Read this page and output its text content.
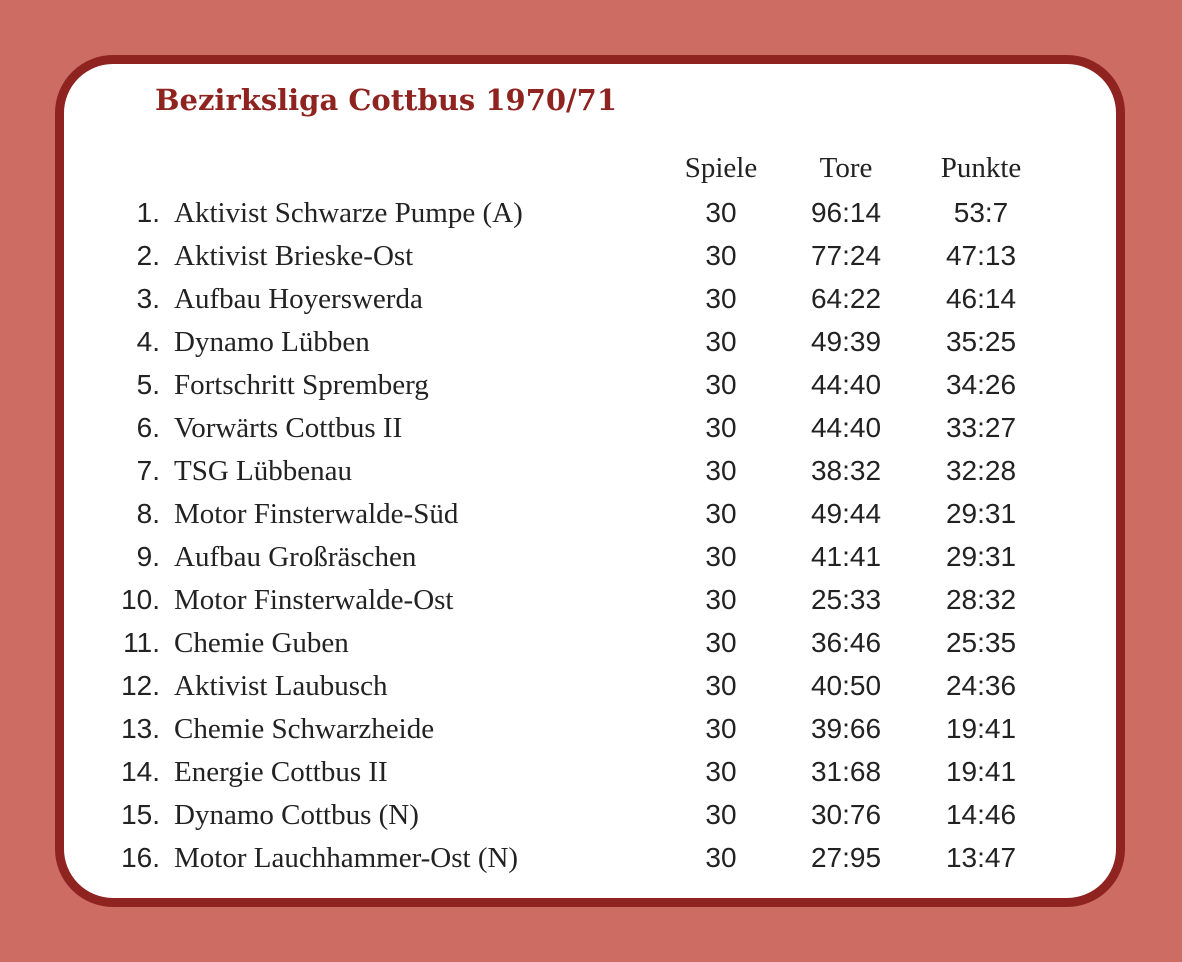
Bezirksliga Cottbus 1970/71
Spiele	Tore	Punkte
1. Aktivist Schwarze Pumpe (A)	30	96:14	53:7
2. Aktivist Brieske-Ost	30	77:24	47:13
3. Aufbau Hoyerswerda	30	64:22	46:14
4. Dynamo Lübben	30	49:39	35:25
5. Fortschritt Spremberg	30	44:40	34:26
6. Vorwärts Cottbus II	30	44:40	33:27
7. TSG Lübbenau	30	38:32	32:28
8. Motor Finsterwalde-Süd	30	49:44	29:31
9. Aufbau Großräschen	30	41:41	29:31
10. Motor Finsterwalde-Ost	30	25:33	28:32
11. Chemie Guben	30	36:46	25:35
12. Aktivist Laubusch	30	40:50	24:36
13. Chemie Schwarzheide	30	39:66	19:41
14. Energie Cottbus II	30	31:68	19:41
15. Dynamo Cottbus (N)	30	30:76	14:46
16. Motor Lauchhammer-Ost (N)	30	27:95	13:47
